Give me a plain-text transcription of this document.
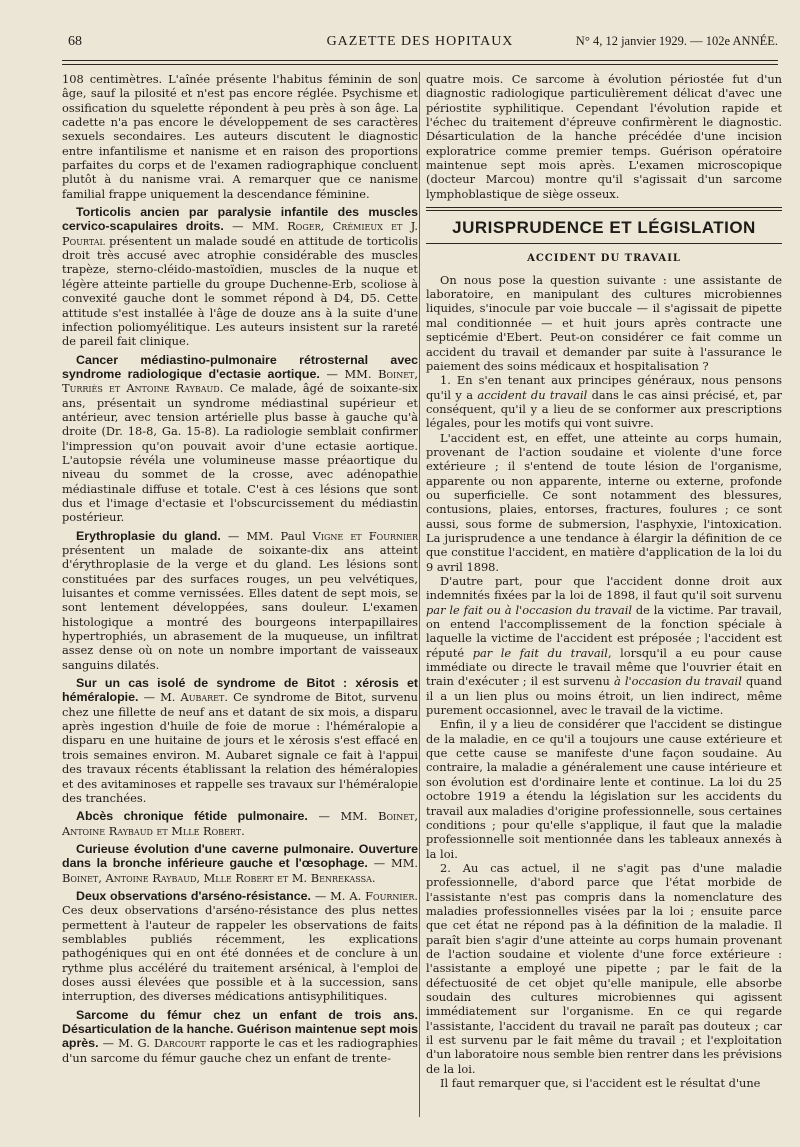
68	GAZETTE DES HOPITAUX	N° 4, 12 janvier 1929. — 102e ANNÉE.

108 centimètres. L'aînée présente l'habitus féminin de son âge, sauf la pilosité et n'est pas encore réglée. Psychisme et ossification du squelette répondent à peu près à son âge. La cadette n'a pas encore le développement de ses caractères sexuels secondaires. Les auteurs discutent le diagnostic entre infantilisme et nanisme et en raison des proportions parfaites du corps et de l'examen radiographique concluent plutôt à du nanisme vrai. A remarquer que ce nanisme familial frappe uniquement la descendance féminine.

Torticolis ancien par paralysie infantile des muscles cervico-scapulaires droits. — MM. Roger, Crémieux et J. Pourtal présentent un malade soudé en attitude de torticolis droit très accusé avec atrophie considérable des muscles trapèze, sterno-cléido-mastoïdien, muscles de la nuque et légère atteinte partielle du groupe Duchenne-Erb, scoliose à convexité gauche dont le sommet répond à D4, D5. Cette attitude s'est installée à l'âge de douze ans à la suite d'une infection poliomyélitique. Les auteurs insistent sur la rareté de pareil fait clinique.

Cancer médiastino-pulmonaire rétrosternal avec syndrome radiologique d'ectasie aortique. — MM. Boinet, Turriès et Antoine Raybaud. Ce malade, âgé de soixante-six ans, présentait un syndrome médiastinal supérieur et antérieur, avec tension artérielle plus basse à gauche qu'à droite (Dr. 18-8, Ga. 15-8). La radiologie semblait confirmer l'impression qu'on pouvait avoir d'une ectasie aortique. L'autopsie révéla une volumineuse masse préaortique du niveau du sommet de la crosse, avec adénopathie médiastinale diffuse et totale. C'est à ces lésions que sont dus et l'image d'ectasie et l'obscurcissement du médiastin postérieur.

Erythroplasie du gland. — MM. Paul Vigne et Fournier présentent un malade de soixante-dix ans atteint d'érythroplasie de la verge et du gland. Les lésions sont constituées par des surfaces rouges, un peu velvétiques, luisantes et comme vernissées. Elles datent de sept mois, se sont lentement développées, sans douleur. L'examen histologique a montré des bourgeons interpapillaires hypertrophiés, un abrasement de la muqueuse, un infiltrat assez dense où on note un nombre important de vaisseaux sanguins dilatés.

Sur un cas isolé de syndrome de Bitot : xérosis et héméralopie. — M. Aubaret. Ce syndrome de Bitot, survenu chez une fillette de neuf ans et datant de six mois, a disparu après ingestion d'huile de foie de morue : l'héméralopie a disparu en une huitaine de jours et le xérosis s'est effacé en trois semaines environ. M. Aubaret signale ce fait à l'appui des travaux récents établissant la relation des héméralopies et des avitaminoses et rappelle ses travaux sur l'héméralopie des tranchées.

Abcès chronique fétide pulmonaire. — MM. Boinet, Antoine Raybaud et Mlle Robert.

Curieuse évolution d'une caverne pulmonaire. Ouverture dans la bronche inférieure gauche et l'œsophage. — MM. Boinet, Antoine Raybaud, Mlle Robert et M. Benrekassa.

Deux observations d'arséno-résistance. — M. A. Fournier. Ces deux observations d'arséno-résistance des plus nettes permettent à l'auteur de rappeler les observations de faits semblables publiés récemment, les explications pathogéniques qui en ont été données et de conclure à un rythme plus accéléré du traitement arsénical, à l'emploi de doses aussi élevées que possible et à la succession, sans interruption, des diverses médications antisyphilitiques.

Sarcome du fémur chez un enfant de trois ans. Désarticulation de la hanche. Guérison maintenue sept mois après. — M. G. Darcourt rapporte le cas et les radiographies d'un sarcome du fémur gauche chez un enfant de trente-

quatre mois. Ce sarcome à évolution périostée fut d'un diagnostic radiologique particulièrement délicat d'avec une périostite syphilitique. Cependant l'évolution rapide et l'échec du traitement d'épreuve confirmèrent le diagnostic. Désarticulation de la hanche précédée d'une incision exploratrice comme premier temps. Guérison opératoire maintenue sept mois après. L'examen microscopique (docteur Marcou) montre qu'il s'agissait d'un sarcome lymphoblastique de siège osseux.

JURISPRUDENCE ET LÉGISLATION
ACCIDENT DU TRAVAIL

On nous pose la question suivante : une assistante de laboratoire, en manipulant des cultures microbiennes liquides, s'inocule par voie buccale — il s'agissait de pipette mal conditionnée — et huit jours après contracte une septicémie d'Ebert. Peut-on considérer ce fait comme un accident du travail et demander par suite à l'assurance le paiement des soins médicaux et hospitalisation ?

1. En s'en tenant aux principes généraux, nous pensons qu'il y a accident du travail dans le cas ainsi précisé, et, par conséquent, qu'il y a lieu de se conformer aux prescriptions légales, pour les motifs qui vont suivre.

L'accident est, en effet, une atteinte au corps humain, provenant de l'action soudaine et violente d'une force extérieure ; il s'entend de toute lésion de l'organisme, apparente ou non apparente, interne ou externe, profonde ou superficielle. Ce sont notamment des blessures, contusions, plaies, entorses, fractures, foulures ; ce sont aussi, sous forme de submersion, l'asphyxie, l'intoxication. La jurisprudence a une tendance à élargir la définition de ce que constitue l'accident, en matière d'application de la loi du 9 avril 1898.

D'autre part, pour que l'accident donne droit aux indemnités fixées par la loi de 1898, il faut qu'il soit survenu par le fait ou à l'occasion du travail de la victime. Par travail, on entend l'accomplissement de la fonction spéciale à laquelle la victime de l'accident est préposée ; l'accident est réputé par le fait du travail, lorsqu'il a eu pour cause immédiate ou directe le travail même que l'ouvrier était en train d'exécuter ; il est survenu à l'occasion du travail quand il a un lien plus ou moins étroit, un lien indirect, même purement occasionnel, avec le travail de la victime.

Enfin, il y a lieu de considérer que l'accident se distingue de la maladie, en ce qu'il a toujours une cause extérieure et que cette cause se manifeste d'une façon soudaine. Au contraire, la maladie a généralement une cause intérieure et son évolution est d'ordinaire lente et continue. La loi du 25 octobre 1919 a étendu la législation sur les accidents du travail aux maladies d'origine professionnelle, sous certaines conditions ; pour qu'elle s'applique, il faut que la maladie professionnelle soit mentionnée dans les tableaux annexés à la loi.

2. Au cas actuel, il ne s'agit pas d'une maladie professionnelle, d'abord parce que l'état morbide de l'assistante n'est pas compris dans la nomenclature des maladies professionnelles visées par la loi ; ensuite parce que cet état ne répond pas à la définition de la maladie. Il paraît bien s'agir d'une atteinte au corps humain provenant de l'action soudaine et violente d'une force extérieure : l'assistante a employé une pipette ; par le fait de la défectuosité de cet objet qu'elle manipule, elle absorbe soudain des cultures microbiennes qui agissent immédiatement sur l'organisme. En ce qui regarde l'assistante, l'accident du travail ne paraît pas douteux ; car il est survenu par le fait même du travail ; et l'exploitation d'un laboratoire nous semble bien rentrer dans les prévisions de la loi.

Il faut remarquer que, si l'accident est le résultat d'une
